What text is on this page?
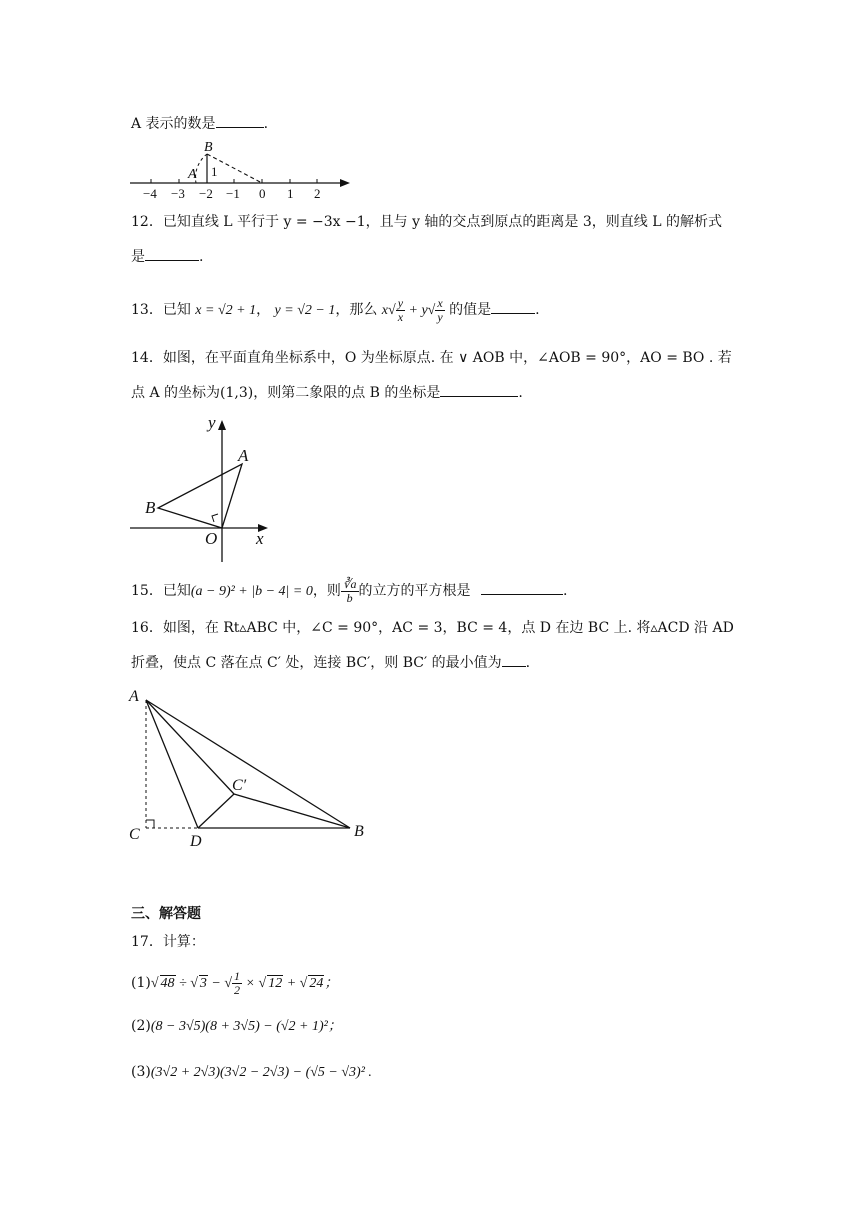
A 表示的数是	.
B
A 1
−4 −3 −2 −1 0 1 2
12．已知直线 L 平行于 y = −3x −1，且与 y 轴的交点到原点的距离是 3，则直线 L 的解析式
是	.
13．已知 x = √2 + 1， y = √2 − 1，那么 $x√ \frac{y}{x} + y√ \frac{x}{y}$ 的值是	.
14．如图，在平面直角坐标系中，O 为坐标原点. 在 ∨ AOB 中，∠AOB = 90°，AO = BO . 若
点 A 的坐标为(1,3)，则第二象限的点 B 的坐标是	.
y
x
O
A
B
15．已知(a − 9)² + |b − 4| = 0，则 $\frac{∛a}{b}$ 的立方的平方根是	.
16．如图，在 Rt▵ABC 中，∠C = 90°，AC = 3，BC = 4，点 D 在边 BC 上. 将▵ACD 沿 AD
折叠，使点 C 落在点 C′ 处，连接 BC′，则 BC′ 的最小值为 .
A
B
C	D
C′
三、解答题
17．计算：
(1)√ 48 ÷ √ 3 − √ $\frac{1}{2}$ × √ 12 + √ 24；
(2)(8 − 3√5)(8 + 3√5) − (√2 + 1)²；
(3)(3√2 + 2√3)(3√2 − 2√3) − (√5 − √3)² .
